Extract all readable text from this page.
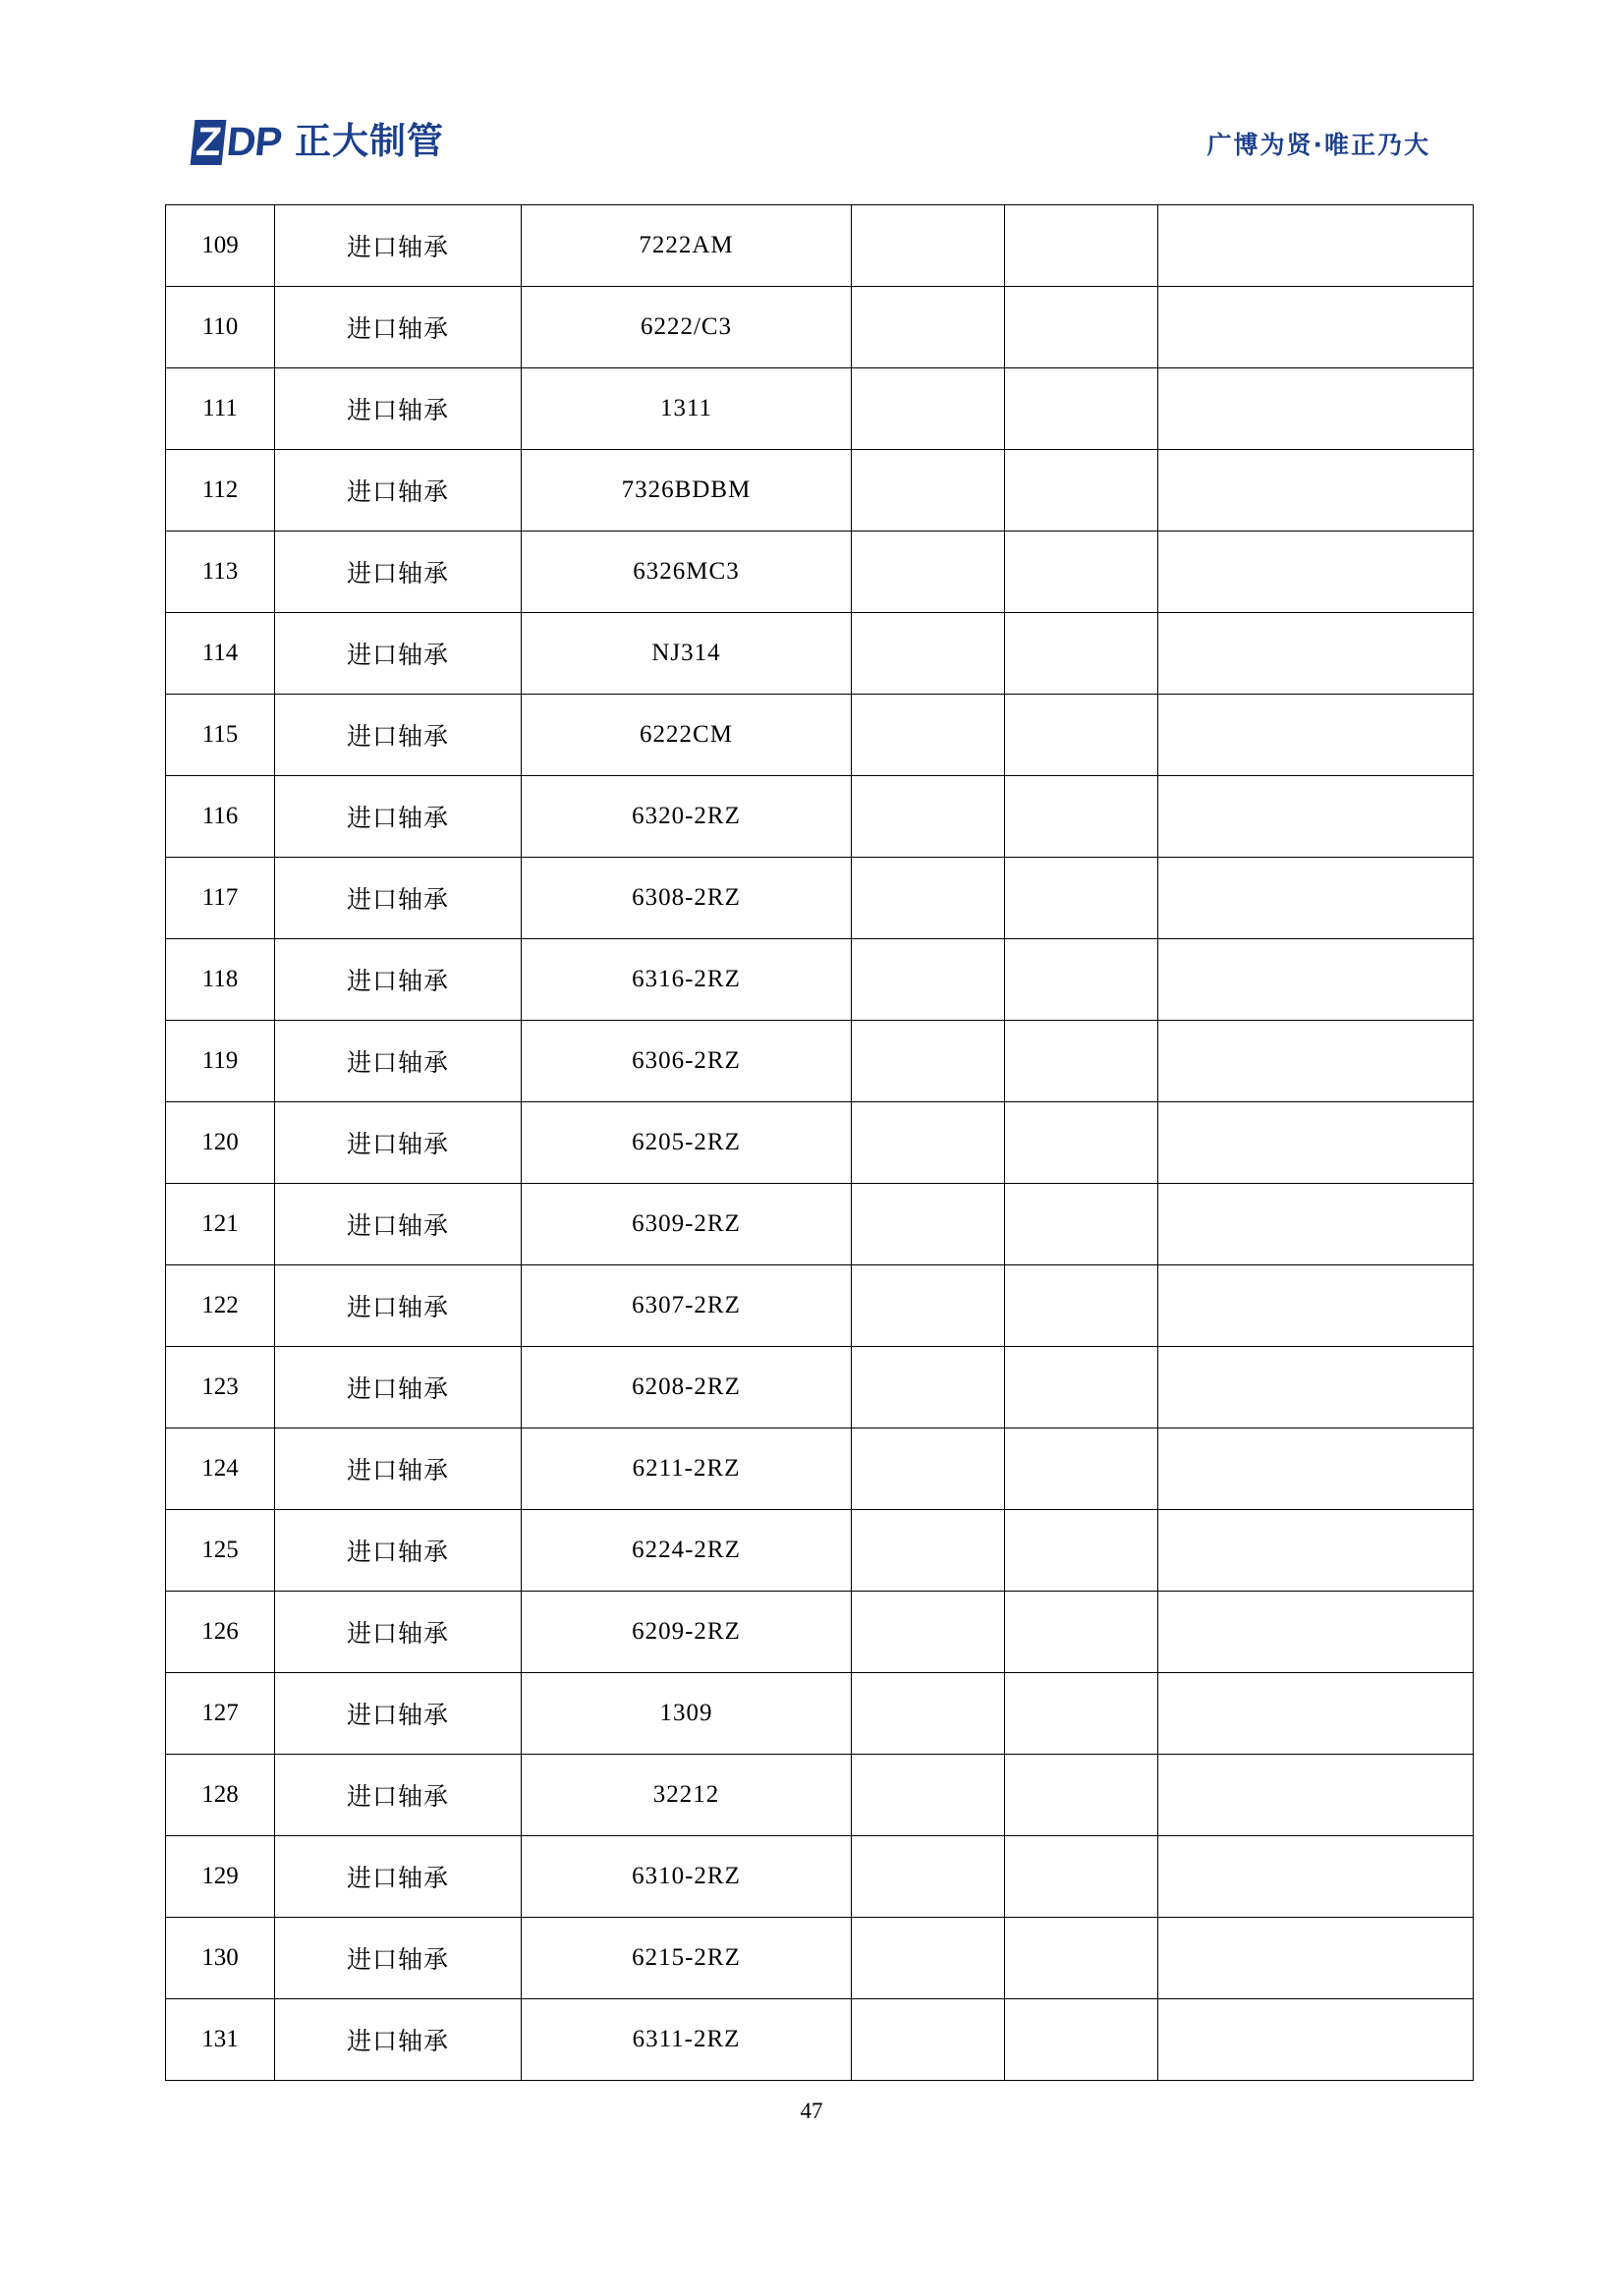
Z DP 正大制管	广博为贤·唯正乃大
109	进口轴承	7222AM			
110	进口轴承	6222/C3			
111	进口轴承	1311			
112	进口轴承	7326BDBM			
113	进口轴承	6326MC3			
114	进口轴承	NJ314			
115	进口轴承	6222CM			
116	进口轴承	6320-2RZ			
117	进口轴承	6308-2RZ			
118	进口轴承	6316-2RZ			
119	进口轴承	6306-2RZ			
120	进口轴承	6205-2RZ			
121	进口轴承	6309-2RZ			
122	进口轴承	6307-2RZ			
123	进口轴承	6208-2RZ			
124	进口轴承	6211-2RZ			
125	进口轴承	6224-2RZ			
126	进口轴承	6209-2RZ			
127	进口轴承	1309			
128	进口轴承	32212			
129	进口轴承	6310-2RZ			
130	进口轴承	6215-2RZ			
131	进口轴承	6311-2RZ			
47
